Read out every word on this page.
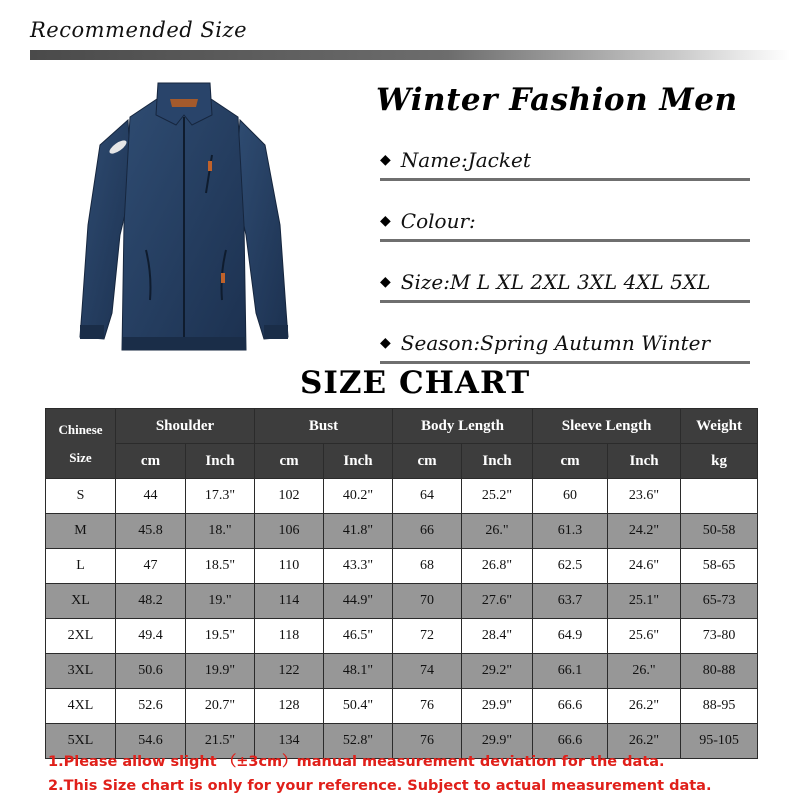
Recommended Size
Winter Fashion Men
◆ Name:Jacket
◆ Colour:
◆ Size:M L XL 2XL 3XL 4XL 5XL
◆ Season:Spring Autumn Winter
SIZE CHART
Chinese
Size	Shoulder		Bust		Body Length		Sleeve Length		Weight
	cm	Inch	cm	Inch	cm	Inch	cm	Inch	kg
S	44	17.3"	102	40.2"	64	25.2"	60	23.6"	
M	45.8	18."	106	41.8"	66	26."	61.3	24.2"	50-58
L	47	18.5"	110	43.3"	68	26.8"	62.5	24.6"	58-65
XL	48.2	19."	114	44.9"	70	27.6"	63.7	25.1"	65-73
2XL	49.4	19.5"	118	46.5"	72	28.4"	64.9	25.6"	73-80
3XL	50.6	19.9"	122	48.1"	74	29.2"	66.1	26."	80-88
4XL	52.6	20.7"	128	50.4"	76	29.9"	66.6	26.2"	88-95
5XL	54.6	21.5"	134	52.8"	76	29.9"	66.6	26.2"	95-105
1.Please allow slight （±3cm）manual measurement deviation for the data.
2.This Size chart is only for your reference. Subject to actual measurement data.
